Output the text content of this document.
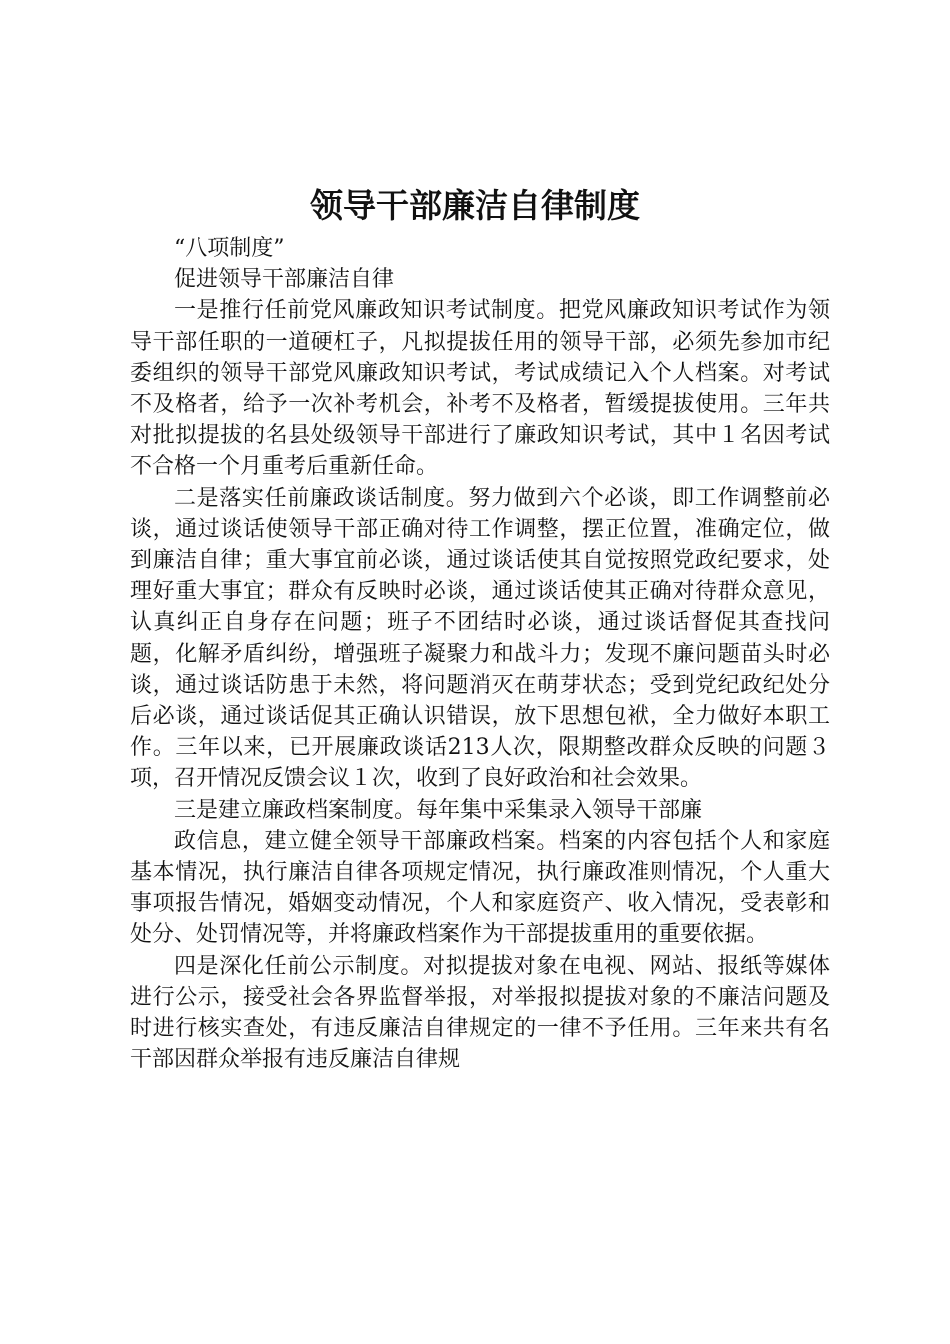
领导干部廉洁自律制度

“八项制度”

促进领导干部廉洁自律

一是推行任前党风廉政知识考试制度。把党风廉政知识考试作为领导干部任职的一道硬杠子，凡拟提拔任用的领导干部，必须先参加市纪委组织的领导干部党风廉政知识考试，考试成绩记入个人档案。对考试不及格者，给予一次补考机会，补考不及格者，暂缓提拔使用。三年共对批拟提拔的名县处级领导干部进行了廉政知识考试，其中１名因考试不合格一个月重考后重新任命。

二是落实任前廉政谈话制度。努力做到六个必谈，即工作调整前必谈，通过谈话使领导干部正确对待工作调整，摆正位置，准确定位，做到廉洁自律；重大事宜前必谈，通过谈话使其自觉按照党政纪要求，处理好重大事宜；群众有反映时必谈，通过谈话使其正确对待群众意见，认真纠正自身存在问题；班子不团结时必谈，通过谈话督促其查找问题，化解矛盾纠纷，增强班子凝聚力和战斗力；发现不廉问题苗头时必谈，通过谈话防患于未然，将问题消灭在萌芽状态；受到党纪政纪处分后必谈，通过谈话促其正确认识错误，放下思想包袱，全力做好本职工作。三年以来，已开展廉政谈话213人次，限期整改群众反映的问题３项，召开情况反馈会议１次，收到了良好政治和社会效果。

三是建立廉政档案制度。每年集中采集录入领导干部廉

政信息，建立健全领导干部廉政档案。档案的内容包括个人和家庭基本情况，执行廉洁自律各项规定情况，执行廉政准则情况，个人重大事项报告情况，婚姻变动情况，个人和家庭资产、收入情况，受表彰和处分、处罚情况等，并将廉政档案作为干部提拔重用的重要依据。

四是深化任前公示制度。对拟提拔对象在电视、网站、报纸等媒体进行公示，接受社会各界监督举报，对举报拟提拔对象的不廉洁问题及时进行核实查处，有违反廉洁自律规定的一律不予任用。三年来共有名干部因群众举报有违反廉洁自律规
